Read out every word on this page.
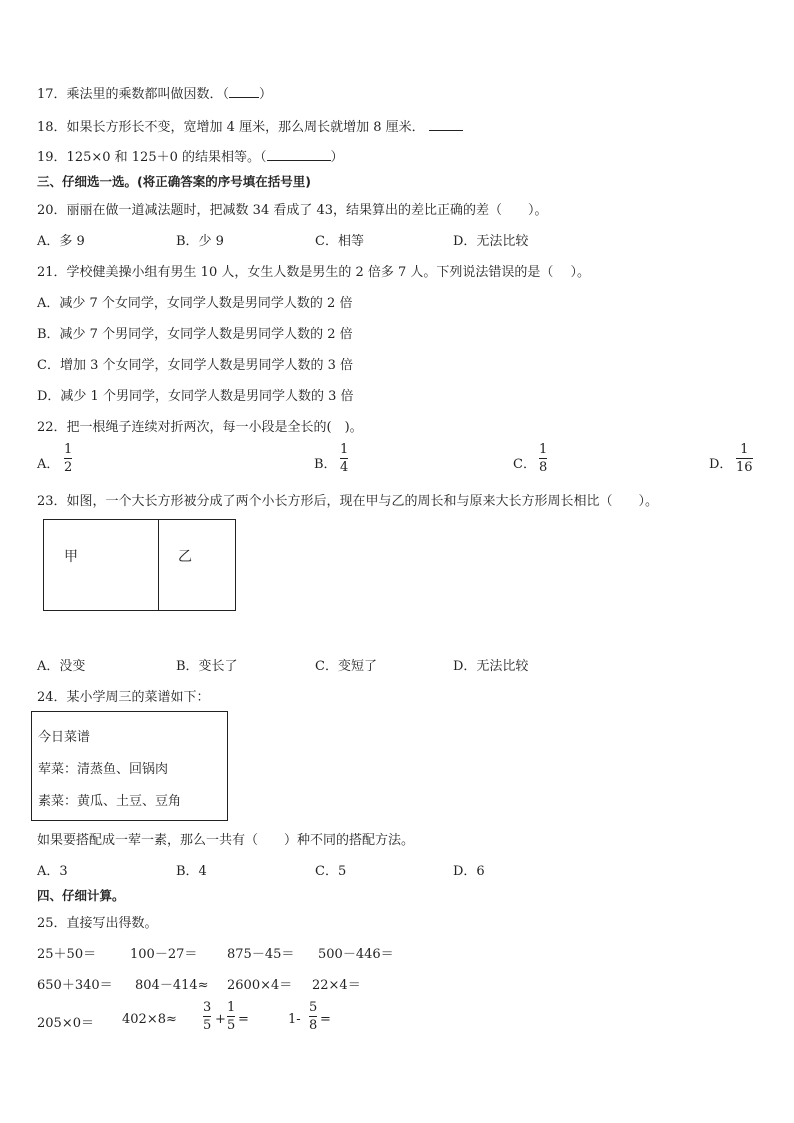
17．乘法里的乘数都叫做因数．（ ）
18．如果长方形长不变，宽增加 4 厘米，那么周长就增加 8 厘米．
19．125×0 和 125＋0 的结果相等。（	）
三、仔细选一选。(将正确答案的序号填在括号里)
20．丽丽在做一道减法题时，把减数 34 看成了 43，结果算出的差比正确的差（　　）。
A．多 9	B．少 9	C．相等	D．无法比较
21．学校健美操小组有男生 10 人，女生人数是男生的 2 倍多 7 人。下列说法错误的是（　 ）。
A．减少 7 个女同学，女同学人数是男同学人数的 2 倍
B．减少 7 个男同学，女同学人数是男同学人数的 2 倍
C．增加 3 个女同学，女同学人数是男同学人数的 3 倍
D．减少 1 个男同学，女同学人数是男同学人数的 3 倍
22．把一根绳子连续对折两次，每一小段是全长的(　)。
A．
1
2	B．
1
4	C．
1
8	D．
1
16
23．如图，一个大长方形被分成了两个小长方形后，现在甲与乙的周长和与原来大长方形周长相比（　　）。
甲	乙
A．没变	B．变长了	C．变短了	D．无法比较
24．某小学周三的菜谱如下：
今日菜谱
荤菜：清蒸鱼、回锅肉
素菜：黄瓜、土豆、豆角
如果要搭配成一荤一素，那么一共有（　　）种不同的搭配方法。
A．3	B．4	C．5	D．6
四、仔细计算。
25．直接写出得数。
25＋50＝	100－27＝ 875－45＝ 500－446＝
650＋340＝ 804－414≈ 2600×4＝ 22×4＝
205×0＝ 402×8≈
3
5 +
1
5 =	1-
5
8 =
